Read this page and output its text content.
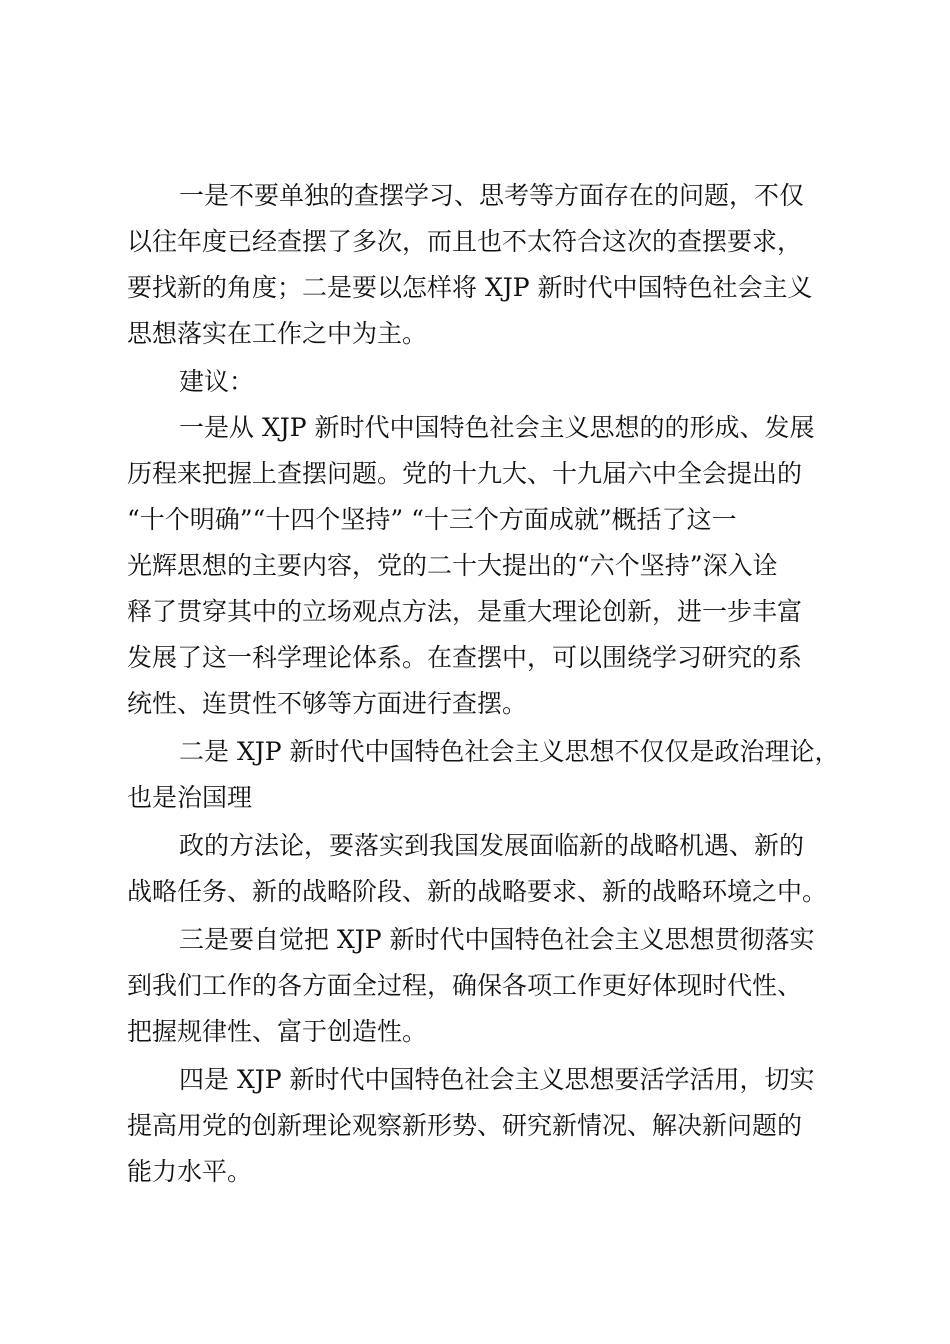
一是不要单独的查摆学习、思考等方面存在的问题，不仅
以往年度已经查摆了多次，而且也不太符合这次的查摆要求，
要找新的角度；二是要以怎样将 XJP 新时代中国特色社会主义
思想落实在工作之中为主。
建议：
一是从 XJP 新时代中国特色社会主义思想的的形成、发展
历程来把握上查摆问题。党的十九大、十九届六中全会提出的
“十个明确”“十四个坚持” “十三个方面成就”概括了这一
光辉思想的主要内容，党的二十大提出的“六个坚持”深入诠
释了贯穿其中的立场观点方法，是重大理论创新，进一步丰富
发展了这一科学理论体系。在查摆中，可以围绕学习研究的系
统性、连贯性不够等方面进行查摆。
二是 XJP 新时代中国特色社会主义思想不仅仅是政治理论，
也是治国理
政的方法论，要落实到我国发展面临新的战略机遇、新的
战略任务、新的战略阶段、新的战略要求、新的战略环境之中。
三是要自觉把 XJP 新时代中国特色社会主义思想贯彻落实
到我们工作的各方面全过程，确保各项工作更好体现时代性、
把握规律性、富于创造性。
四是 XJP 新时代中国特色社会主义思想要活学活用，切实
提高用党的创新理论观察新形势、研究新情况、解决新问题的
能力水平。
